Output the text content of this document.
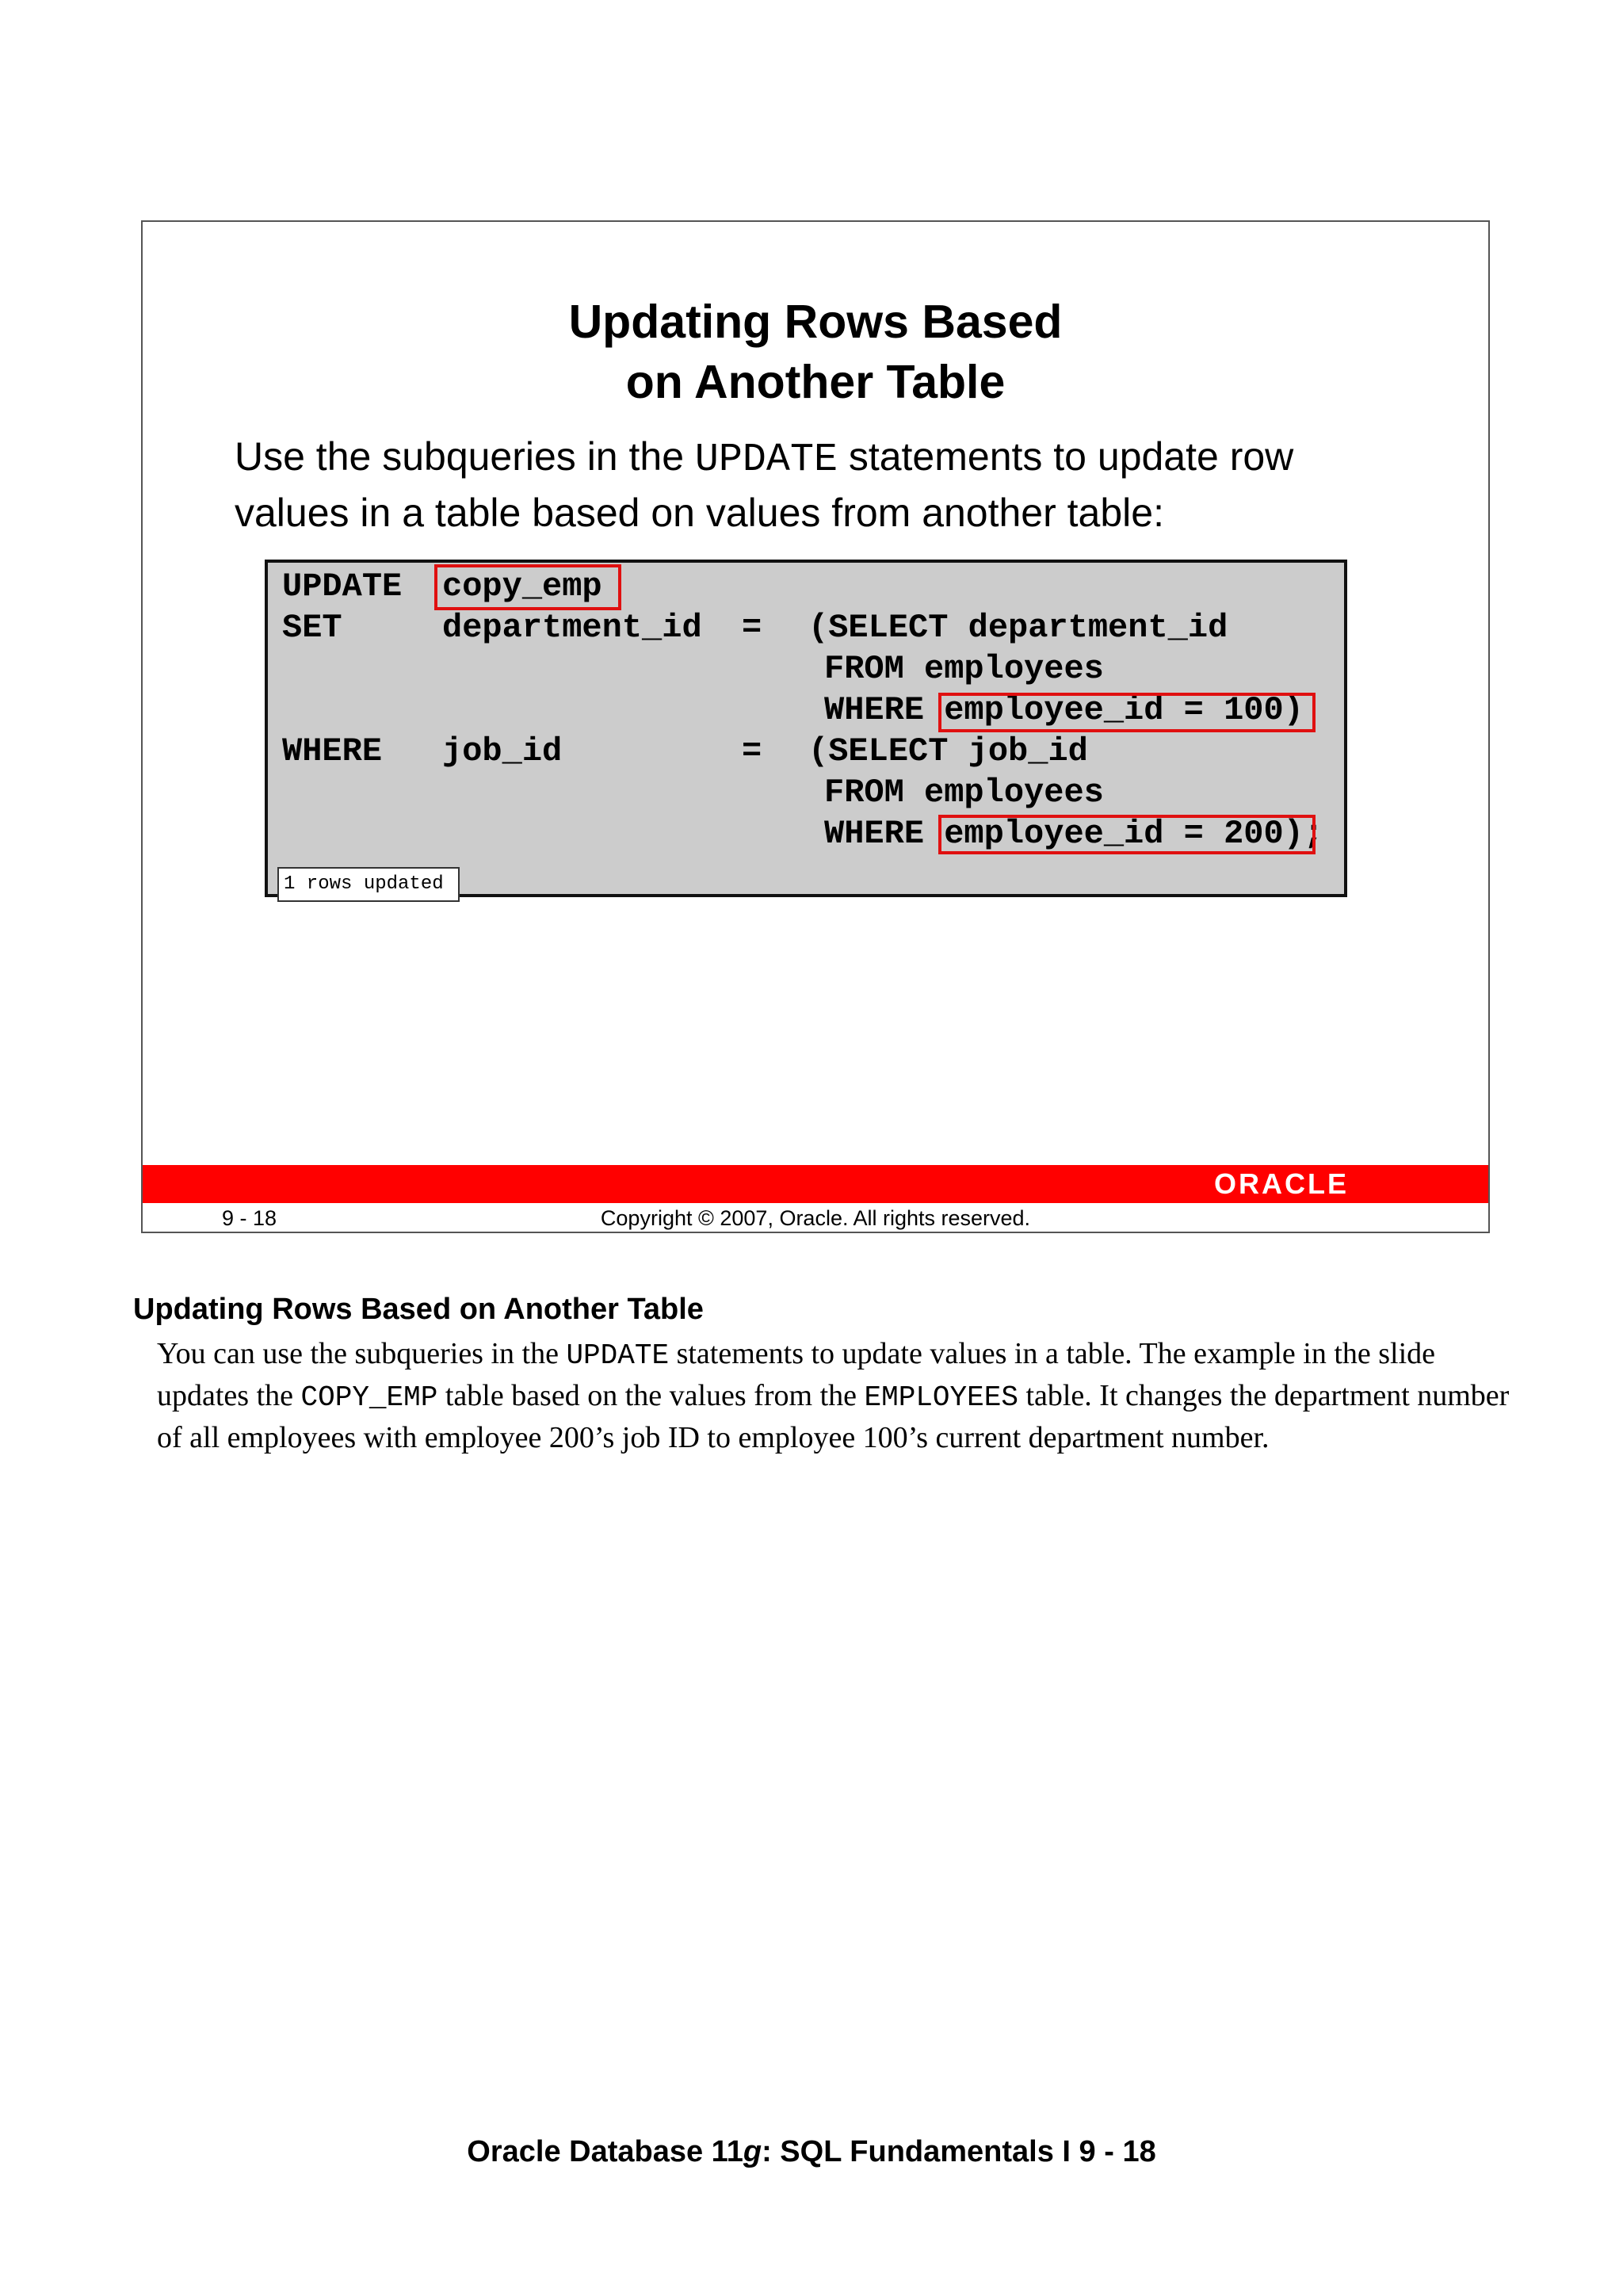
Updating Rows Based
on Another Table
Use the subqueries in the UPDATE statements to update row values in a table based on values from another table:

UPDATE

copy_emp

SET

	department_id

=

(SELECT department_id

FROM employees

WHERE employee_id = 100)

WHERE

job_id

	=

(SELECT job_id

FROM employees

WHERE employee_id = 200);

1 rows updated
ORACLE
9 - 18	Copyright © 2007, Oracle. All rights reserved.
Updating Rows Based on Another Table
You can use the subqueries in the UPDATE statements to update values in a table. The example in the slide updates the COPY_EMP table based on the values from the EMPLOYEES table. It changes the department number of all employees with employee 200’s job ID to employee 100’s current department number.
Oracle Database 11g: SQL Fundamentals I 9 - 18
